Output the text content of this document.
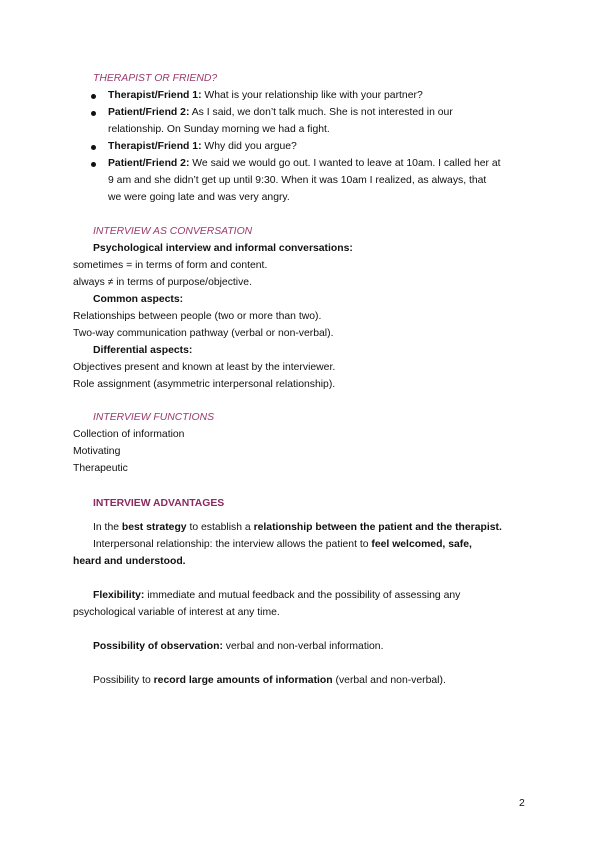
THERAPIST OR FRIEND?
Therapist/Friend 1: What is your relationship like with your partner?
Patient/Friend 2: As I said, we don’t talk much. She is not interested in our
relationship. On Sunday morning we had a fight.
Therapist/Friend 1: Why did you argue?
Patient/Friend 2: We said we would go out. I wanted to leave at 10am. I called her at
9 am and she didn’t get up until 9:30. When it was 10am I realized, as always, that
we were going late and was very angry.
INTERVIEW AS CONVERSATION
Psychological interview and informal conversations:
sometimes = in terms of form and content.
always ≠ in terms of purpose/objective.
Common aspects:
Relationships between people (two or more than two).
Two-way communication pathway (verbal or non-verbal).
Differential aspects:
Objectives present and known at least by the interviewer.
Role assignment (asymmetric interpersonal relationship).
INTERVIEW FUNCTIONS
Collection of information
Motivating
Therapeutic
INTERVIEW ADVANTAGES
In the best strategy to establish a relationship between the patient and the therapist.
Interpersonal relationship: the interview allows the patient to feel welcomed, safe,
heard and understood.
Flexibility: immediate and mutual feedback and the possibility of assessing any
psychological variable of interest at any time.
Possibility of observation: verbal and non-verbal information.
Possibility to record large amounts of information (verbal and non-verbal).
2
